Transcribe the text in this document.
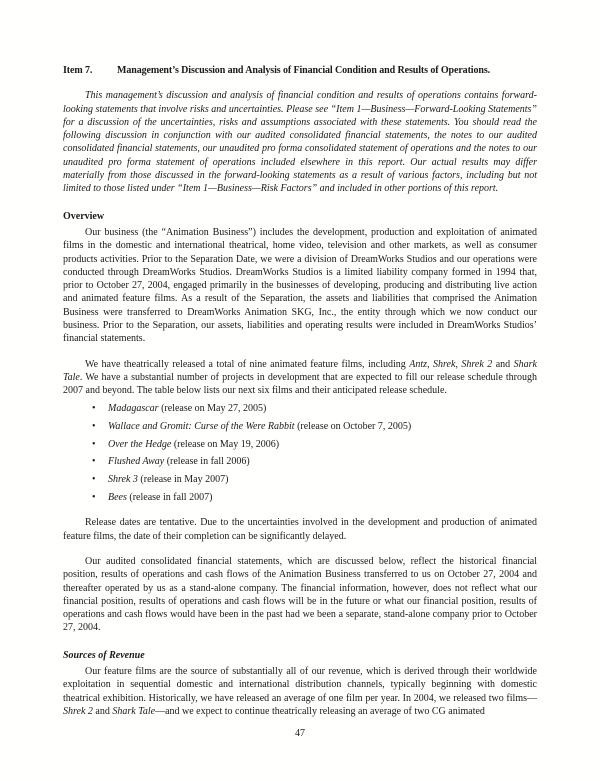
Item 7. Management’s Discussion and Analysis of Financial Condition and Results of Operations.

This management’s discussion and analysis of financial condition and results of operations contains forward-looking statements that involve risks and uncertainties. Please see “Item 1—Business—Forward-Looking Statements” for a discussion of the uncertainties, risks and assumptions associated with these statements. You should read the following discussion in conjunction with our audited consolidated financial statements, the notes to our audited consolidated financial statements, our unaudited pro forma consolidated statement of operations and the notes to our unaudited pro forma statement of operations included elsewhere in this report. Our actual results may differ materially from those discussed in the forward-looking statements as a result of various factors, including but not limited to those listed under “Item 1—Business—Risk Factors” and included in other portions of this report.

Overview

Our business (the “Animation Business”) includes the development, production and exploitation of animated films in the domestic and international theatrical, home video, television and other markets, as well as consumer products activities. Prior to the Separation Date, we were a division of DreamWorks Studios and our operations were conducted through DreamWorks Studios. DreamWorks Studios is a limited liability company formed in 1994 that, prior to October 27, 2004, engaged primarily in the businesses of developing, producing and distributing live action and animated feature films. As a result of the Separation, the assets and liabilities that comprised the Animation Business were transferred to DreamWorks Animation SKG, Inc., the entity through which we now conduct our business. Prior to the Separation, our assets, liabilities and operating results were included in DreamWorks Studios’ financial statements.

We have theatrically released a total of nine animated feature films, including Antz, Shrek, Shrek 2 and Shark Tale. We have a substantial number of projects in development that are expected to fill our release schedule through 2007 and beyond. The table below lists our next six films and their anticipated release schedule.

• Madagascar (release on May 27, 2005)
• Wallace and Gromit: Curse of the Were Rabbit (release on October 7, 2005)
• Over the Hedge (release on May 19, 2006)
• Flushed Away (release in fall 2006)
• Shrek 3 (release in May 2007)
• Bees (release in fall 2007)

Release dates are tentative. Due to the uncertainties involved in the development and production of animated feature films, the date of their completion can be significantly delayed.

Our audited consolidated financial statements, which are discussed below, reflect the historical financial position, results of operations and cash flows of the Animation Business transferred to us on October 27, 2004 and thereafter operated by us as a stand-alone company. The financial information, however, does not reflect what our financial position, results of operations and cash flows will be in the future or what our financial position, results of operations and cash flows would have been in the past had we been a separate, stand-alone company prior to October 27, 2004.

Sources of Revenue

Our feature films are the source of substantially all of our revenue, which is derived through their worldwide exploitation in sequential domestic and international distribution channels, typically beginning with domestic theatrical exhibition. Historically, we have released an average of one film per year. In 2004, we released two films—Shrek 2 and Shark Tale—and we expect to continue theatrically releasing an average of two CG animated

47
